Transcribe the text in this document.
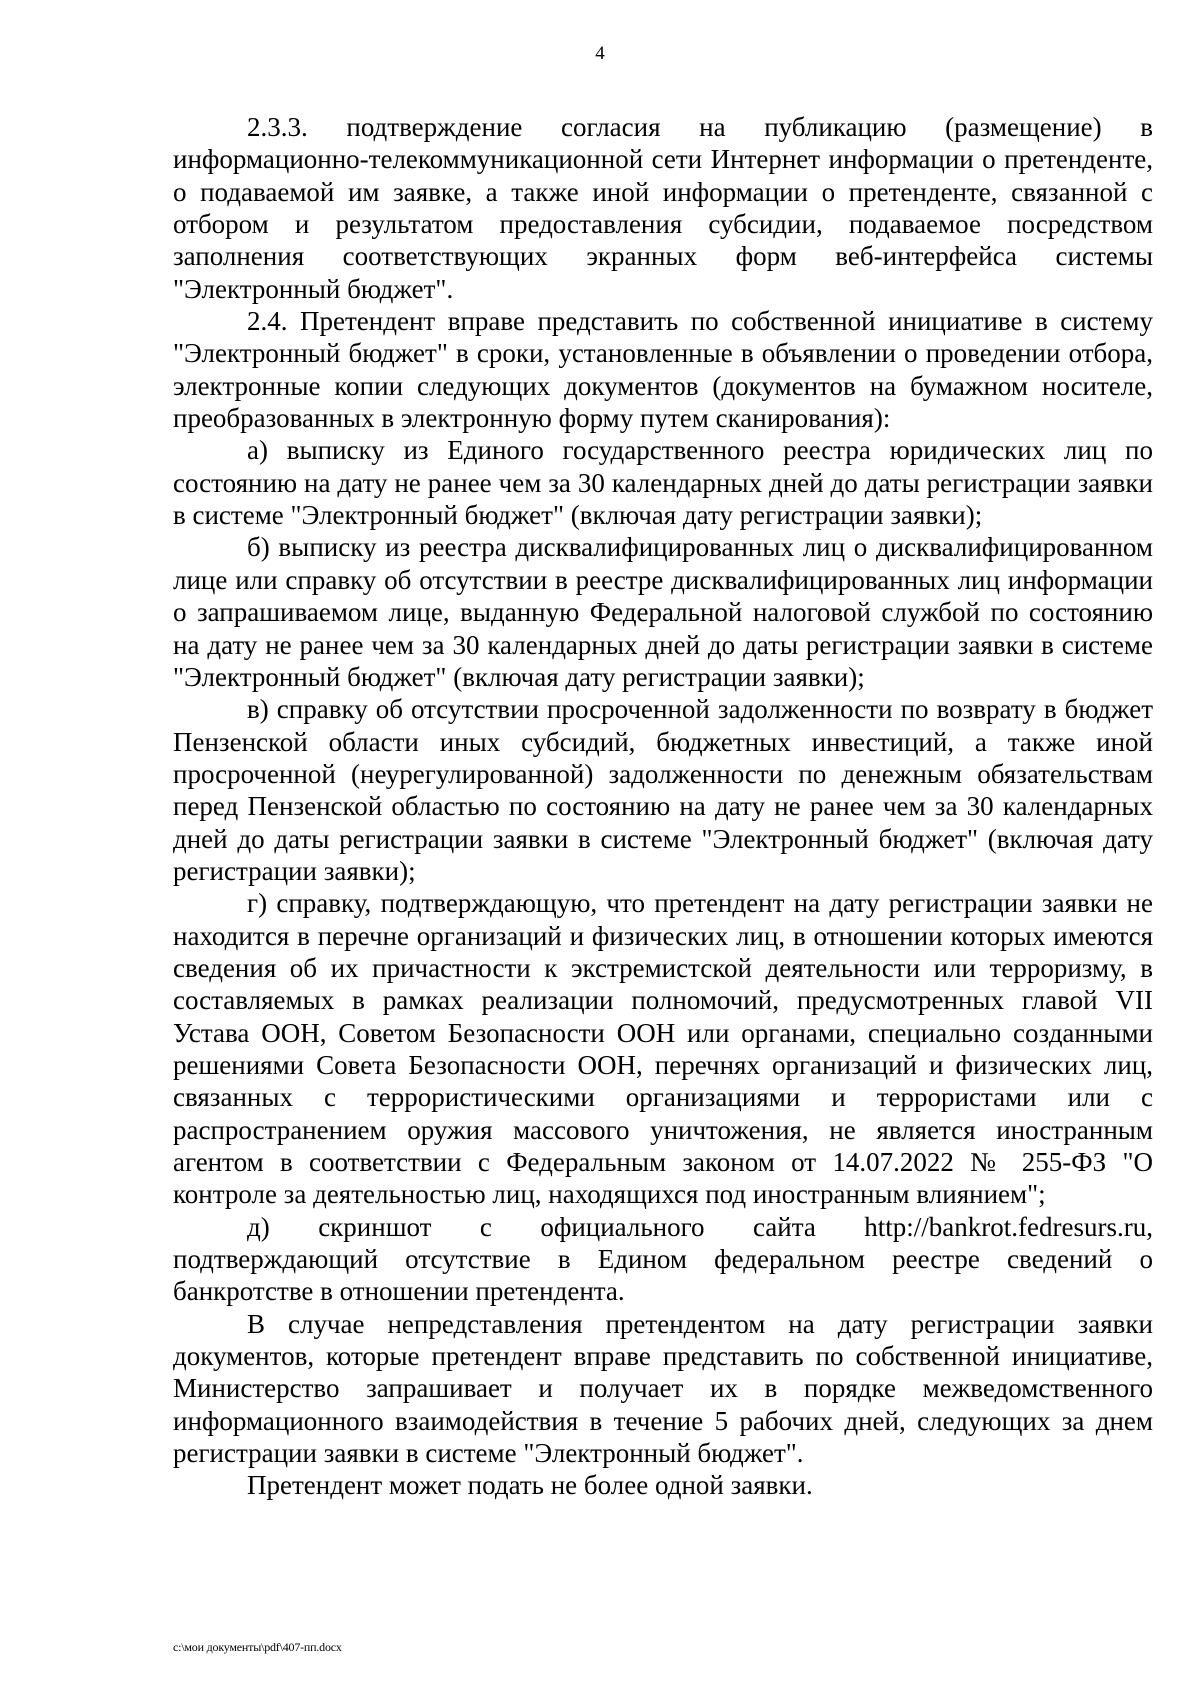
4

2.3.3. подтверждение согласия на публикацию (размещение) в информационно-телекоммуникационной сети Интернет информации о претенденте, о подаваемой им заявке, а также иной информации о претенденте, связанной с отбором и результатом предоставления субсидии, подаваемое посредством заполнения соответствующих экранных форм веб-интерфейса системы "Электронный бюджет".

2.4. Претендент вправе представить по собственной инициативе в систему "Электронный бюджет" в сроки, установленные в объявлении о проведении отбора, электронные копии следующих документов (документов на бумажном носителе, преобразованных в электронную форму путем сканирования):

а) выписку из Единого государственного реестра юридических лиц по состоянию на дату не ранее чем за 30 календарных дней до даты регистрации заявки в системе "Электронный бюджет" (включая дату регистрации заявки);

б) выписку из реестра дисквалифицированных лиц о дисквалифицированном лице или справку об отсутствии в реестре дисквалифицированных лиц информации о запрашиваемом лице, выданную Федеральной налоговой службой по состоянию на дату не ранее чем за 30 календарных дней до даты регистрации заявки в системе "Электронный бюджет" (включая дату регистрации заявки);

в) справку об отсутствии просроченной задолженности по возврату в бюджет Пензенской области иных субсидий, бюджетных инвестиций, а также иной просроченной (неурегулированной) задолженности по денежным обязательствам перед Пензенской областью по состоянию на дату не ранее чем за 30 календарных дней до даты регистрации заявки в системе "Электронный бюджет" (включая дату регистрации заявки);

г) справку, подтверждающую, что претендент на дату регистрации заявки не находится в перечне организаций и физических лиц, в отношении которых имеются сведения об их причастности к экстремистской деятельности или терроризму, в составляемых в рамках реализации полномочий, предусмотренных главой VII Устава ООН, Советом Безопасности ООН или органами, специально созданными решениями Совета Безопасности ООН, перечнях организаций и физических лиц, связанных с террористическими организациями и террористами или с распространением оружия массового уничтожения, не является иностранным агентом в соответствии с Федеральным законом от 14.07.2022 № 255-ФЗ "О контроле за деятельностью лиц, находящихся под иностранным влиянием";

д) скриншот с официального сайта http://bankrot.fedresurs.ru, подтверждающий отсутствие в Едином федеральном реестре сведений о банкротстве в отношении претендента.

В случае непредставления претендентом на дату регистрации заявки документов, которые претендент вправе представить по собственной инициативе, Министерство запрашивает и получает их в порядке межведомственного информационного взаимодействия в течение 5 рабочих дней, следующих за днем регистрации заявки в системе "Электронный бюджет".

Претендент может подать не более одной заявки.

c:\мои документы\pdf\407-пп.docx
